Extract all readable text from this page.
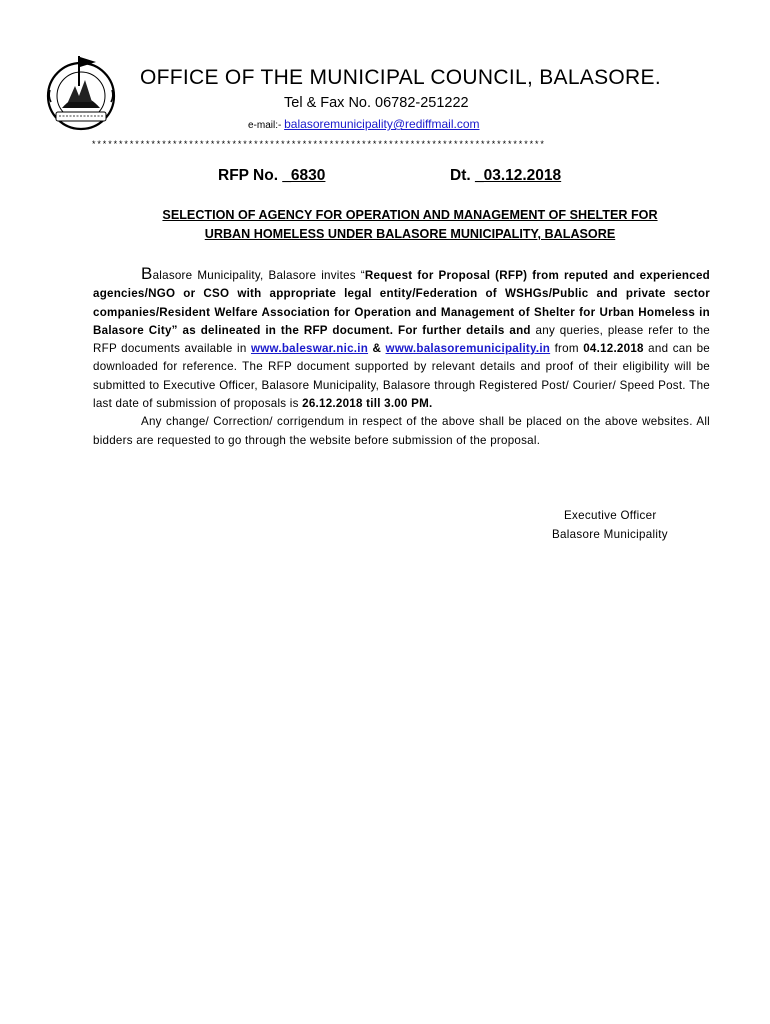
OFFICE OF THE MUNICIPAL COUNCIL, BALASORE.
Tel & Fax No. 06782-251222
e-mail:- balasoremunicipality@rediffmail.com
************************************************************************************
RFP No. _6830	Dt. _03.12.2018
SELECTION OF AGENCY FOR OPERATION AND MANAGEMENT OF SHELTER FOR
URBAN HOMELESS UNDER BALASORE MUNICIPALITY, BALASORE

Balasore Municipality, Balasore invites “Request for Proposal (RFP) from reputed and experienced agencies/NGO or CSO with appropriate legal entity/Federation of WSHGs/Public and private sector companies/Resident Welfare Association for Operation and Management of Shelter for Urban Homeless in Balasore City” as delineated in the RFP document. For further details and any queries, please refer to the RFP documents available in www.baleswar.nic.in & www.balasoremunicipality.in from 04.12.2018 and can be downloaded for reference. The RFP document supported by relevant details and proof of their eligibility will be submitted to Executive Officer, Balasore Municipality, Balasore through Registered Post/ Courier/ Speed Post. The last date of submission of proposals is 26.12.2018 till 3.00 PM.

Any change/ Correction/ corrigendum in respect of the above shall be placed on the above websites. All bidders are requested to go through the website before submission of the proposal.

Executive Officer
Balasore Municipality
